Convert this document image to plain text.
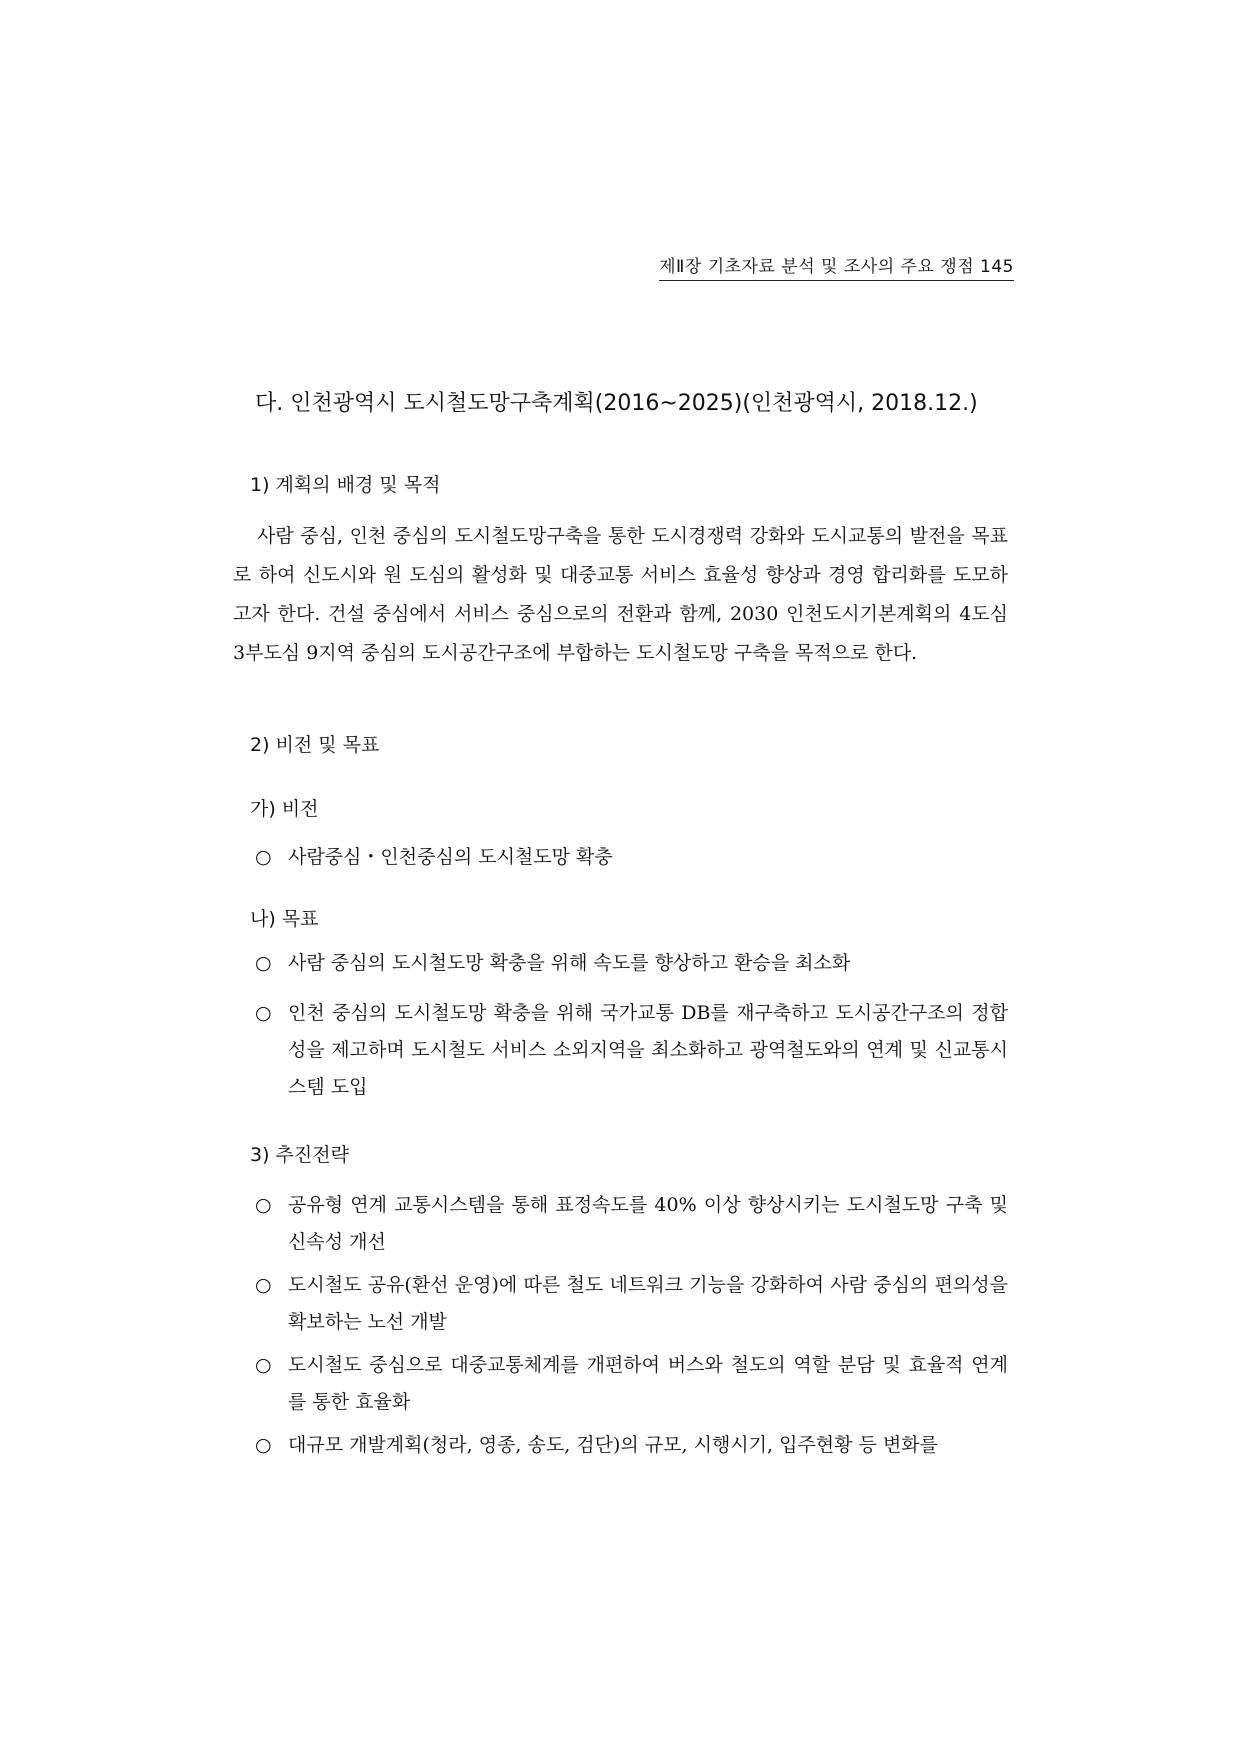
제Ⅱ장 기초자료 분석 및 조사의 주요 쟁점 145
다. 인천광역시 도시철도망구축계획(2016~2025)(인천광역시, 2018.12.)
1) 계획의 배경 및 목적
사람 중심, 인천 중심의 도시철도망구축을 통한 도시경쟁력 강화와 도시교통의 발전을 목표로 하여 신도시와 원 도심의 활성화 및 대중교통 서비스 효율성 향상과 경영 합리화를 도모하고자 한다. 건설 중심에서 서비스 중심으로의 전환과 함께, 2030 인천도시기본계획의 4도심 3부도심 9지역 중심의 도시공간구조에 부합하는 도시철도망 구축을 목적으로 한다.
2) 비전 및 목표
가) 비전
○ 사람중심・인천중심의 도시철도망 확충
나) 목표
○ 사람 중심의 도시철도망 확충을 위해 속도를 향상하고 환승을 최소화
○ 인천 중심의 도시철도망 확충을 위해 국가교통 DB를 재구축하고 도시공간구조의 정합성을 제고하며 도시철도 서비스 소외지역을 최소화하고 광역철도와의 연계 및 신교통시스템 도입
3) 추진전략
○ 공유형 연계 교통시스템을 통해 표정속도를 40% 이상 향상시키는 도시철도망 구축 및 신속성 개선
○ 도시철도 공유(환선 운영)에 따른 철도 네트워크 기능을 강화하여 사람 중심의 편의성을 확보하는 노선 개발
○ 도시철도 중심으로 대중교통체계를 개편하여 버스와 철도의 역할 분담 및 효율적 연계를 통한 효율화
○ 대규모 개발계획(청라, 영종, 송도, 검단)의 규모, 시행시기, 입주현황 등 변화를
